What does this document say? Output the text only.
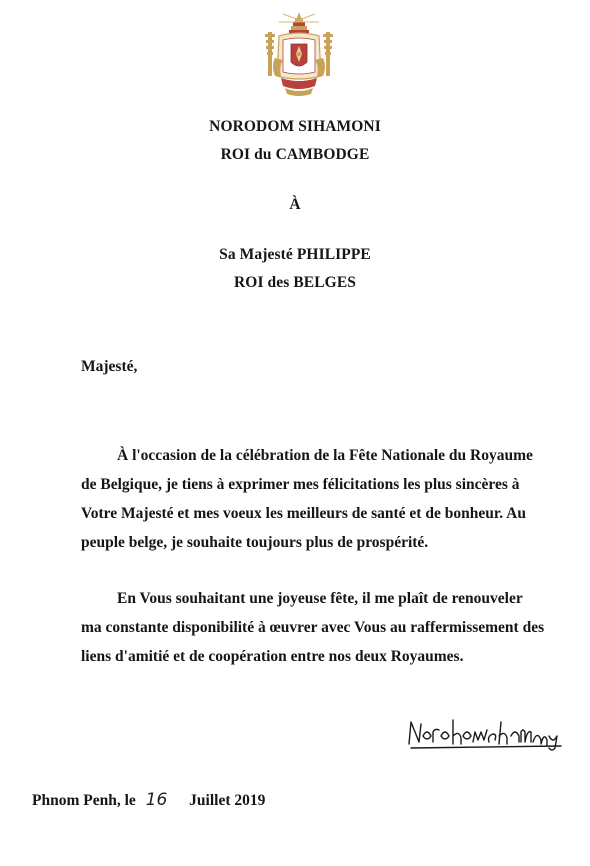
NORODOM SIHAMONI
ROI du CAMBODGE
À
Sa Majesté PHILIPPE
ROI des BELGES
Majesté,

À l'occasion de la célébration de la Fête Nationale du Royaume
de Belgique, je tiens à exprimer mes félicitations les plus sincères à
Votre Majesté et mes voeux les meilleurs de santé et de bonheur. Au
peuple belge, je souhaite toujours plus de prospérité.

En Vous souhaitant une joyeuse fête, il me plaît de renouveler
ma constante disponibilité à œuvrer avec Vous au raffermissement des
liens d'amitié et de coopération entre nos deux Royaumes.

Phnom Penh, le 16 Juillet 2019
